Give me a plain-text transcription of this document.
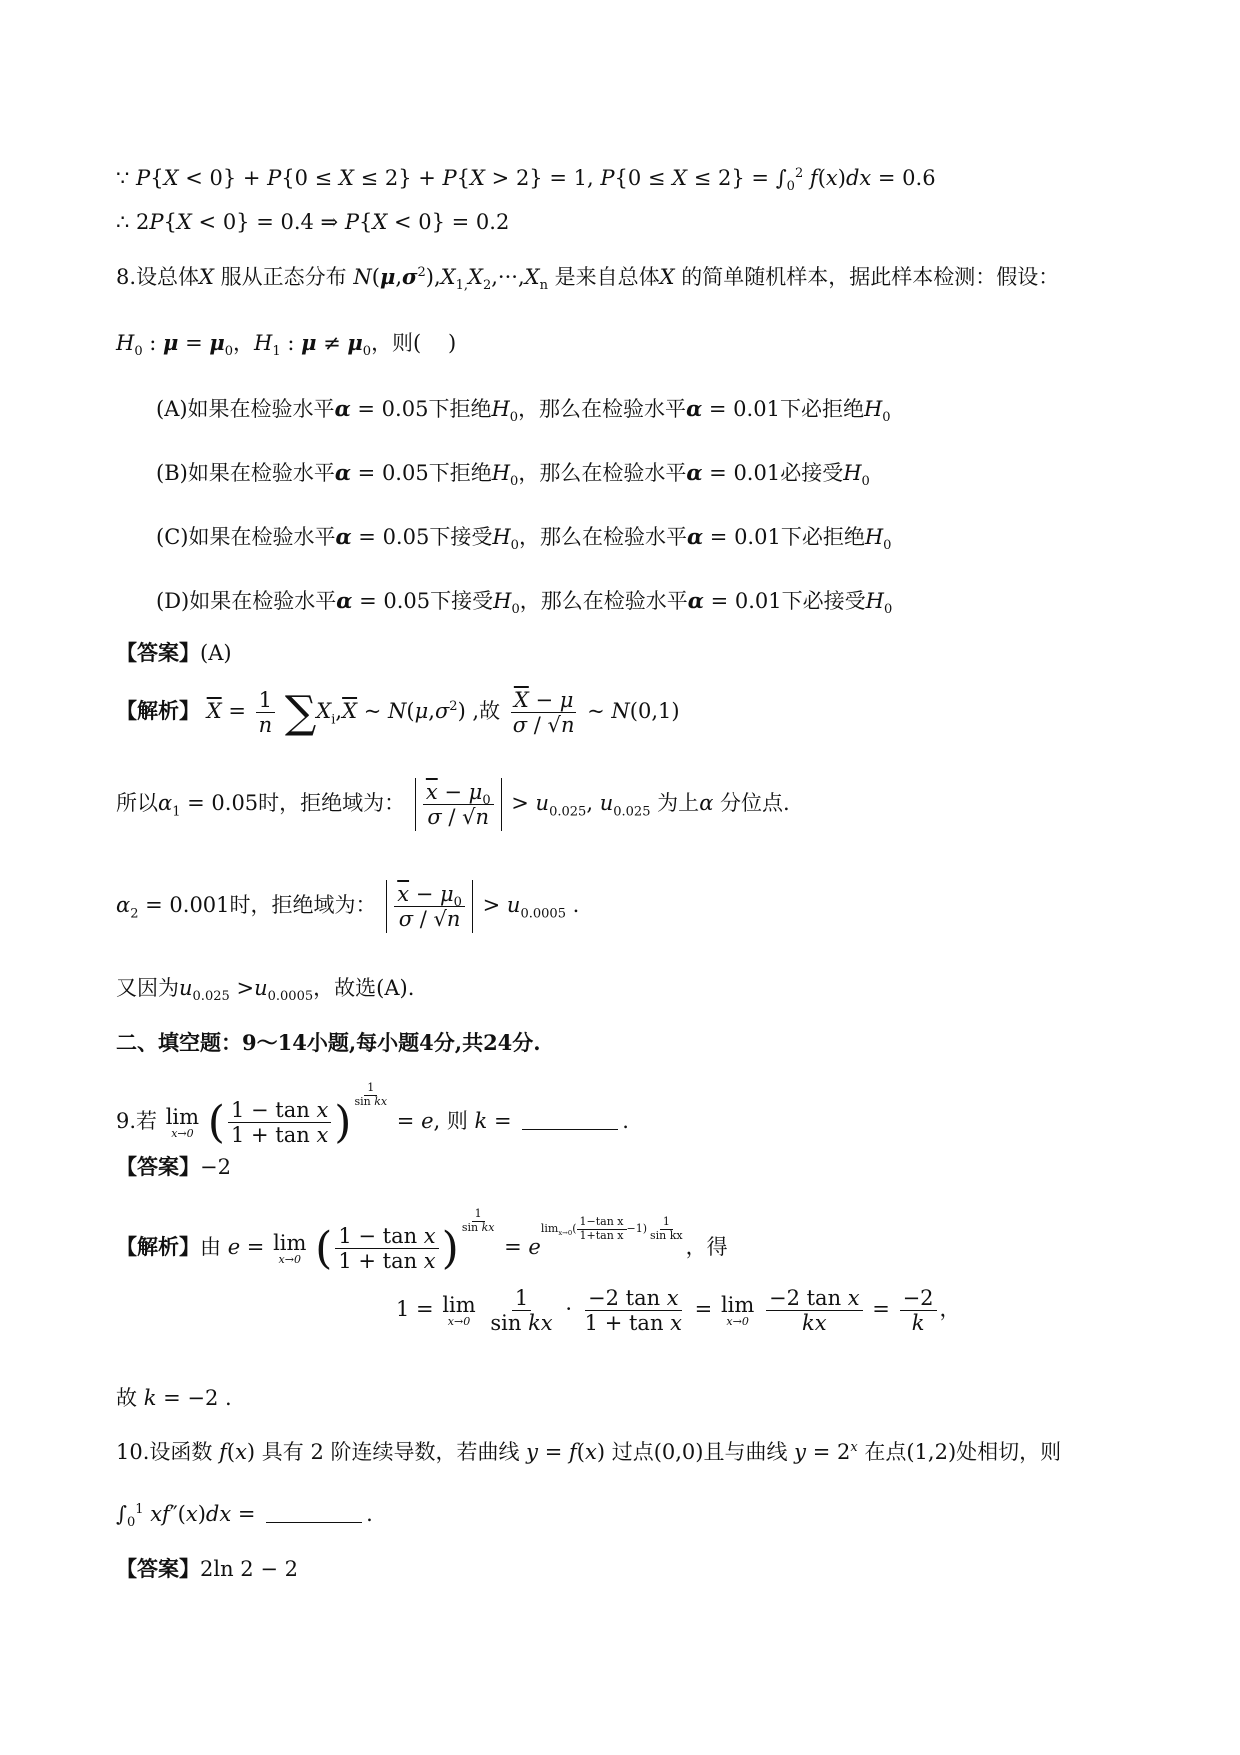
∵ P{X < 0} + P{0 ≤ X ≤ 2} + P{X > 2} = 1, $P\{0 \le X \le 2\} = \int_0^2$ f(x)dx = 0.6
∴ 2P{X < 0} = 0.4 ⇒ P{X < 0} = 0.2
8.设总体X 服从正态分布 $N(\mu,\sigma^2),X_{1,}X_2,\cdot\cdot\cdot,X_n$ 是来自总体X 的简单随机样本，据此样本检测：假设：
$H_0$ : $\mu = \mu_0$，$H_1$ : $\mu \ne \mu_0$，则(    )
(A)如果在检验水平α = 0.05下拒绝$H_0$，那么在检验水平α = 0.01下必拒绝$H_0$
(B)如果在检验水平α = 0.05下拒绝$H_0$，那么在检验水平α = 0.01必接受$H_0$
(C)如果在检验水平α = 0.05下接受$H_0$，那么在检验水平α = 0.01下必拒绝$H_0$
(D)如果在检验水平α = 0.05下接受$H_0$，那么在检验水平α = 0.01下必接受$H_0$
【答案】(A)
【解析】 $\overline{X} = \frac{1}{n} \sum X_i,\overline{X}$ ~ $N(\mu,\sigma^2)$ ,故 $\frac{\overline{X} - \mu}{\sigma / √n}$ ~ N(0,1)
所以$\alpha_1 = 0.05$时，拒绝域为： $\frac{\overline{x} - \mu_0}{\sigma / √n} > u_{0.025}$, $u_{0.025}$ 为上α 分位点.
$\alpha_2 = 0.001$时，拒绝域为： $\frac{\overline{x} - \mu_0}{\sigma / √n} > u_{0.0005}$ .
又因为$u_{0.025} >u_{0.0005}$，故选(A).
二、填空题：9～14小题,每小题4分,共24分.
9.若 lim
x→0 ( $\frac{\text{1 − tan x}}{\text{1 + tan x}}$ )
$^{\frac{1}{\text{sin kx}}}$
= e, 则 k =	.
【答案】−2
【解析】由 e = lim
x→0 ( $\frac{\text{1 − tan x}}{\text{1 + tan x}}$ )
$^{\frac{1}{\text{sin kx}}}$
= $e^{lim_{x\to 0}( \frac{\text{1−tan x}}{\text{1+tan x}} -1) \frac{1}{\text{sin kx}}}$
，得
1 = lim
x→0
$\frac{1}{\text{sin kx}} \cdot \frac{\text{−2 tan x}}{\text{1 + tan x}} = \lim$
x→0
$\frac{\text{−2 tan x}}{kx} = \frac{-2}{k}$ ，
故 k = −2 .
10.设函数 f(x) 具有 2 阶连续导数，若曲线 y = f(x) 过点(0,0)且与曲线 $y = 2^x$ 在点(1,2)处相切，则
$\int_0^1$ xf″(x)dx =	.
【答案】2ln 2 − 2
